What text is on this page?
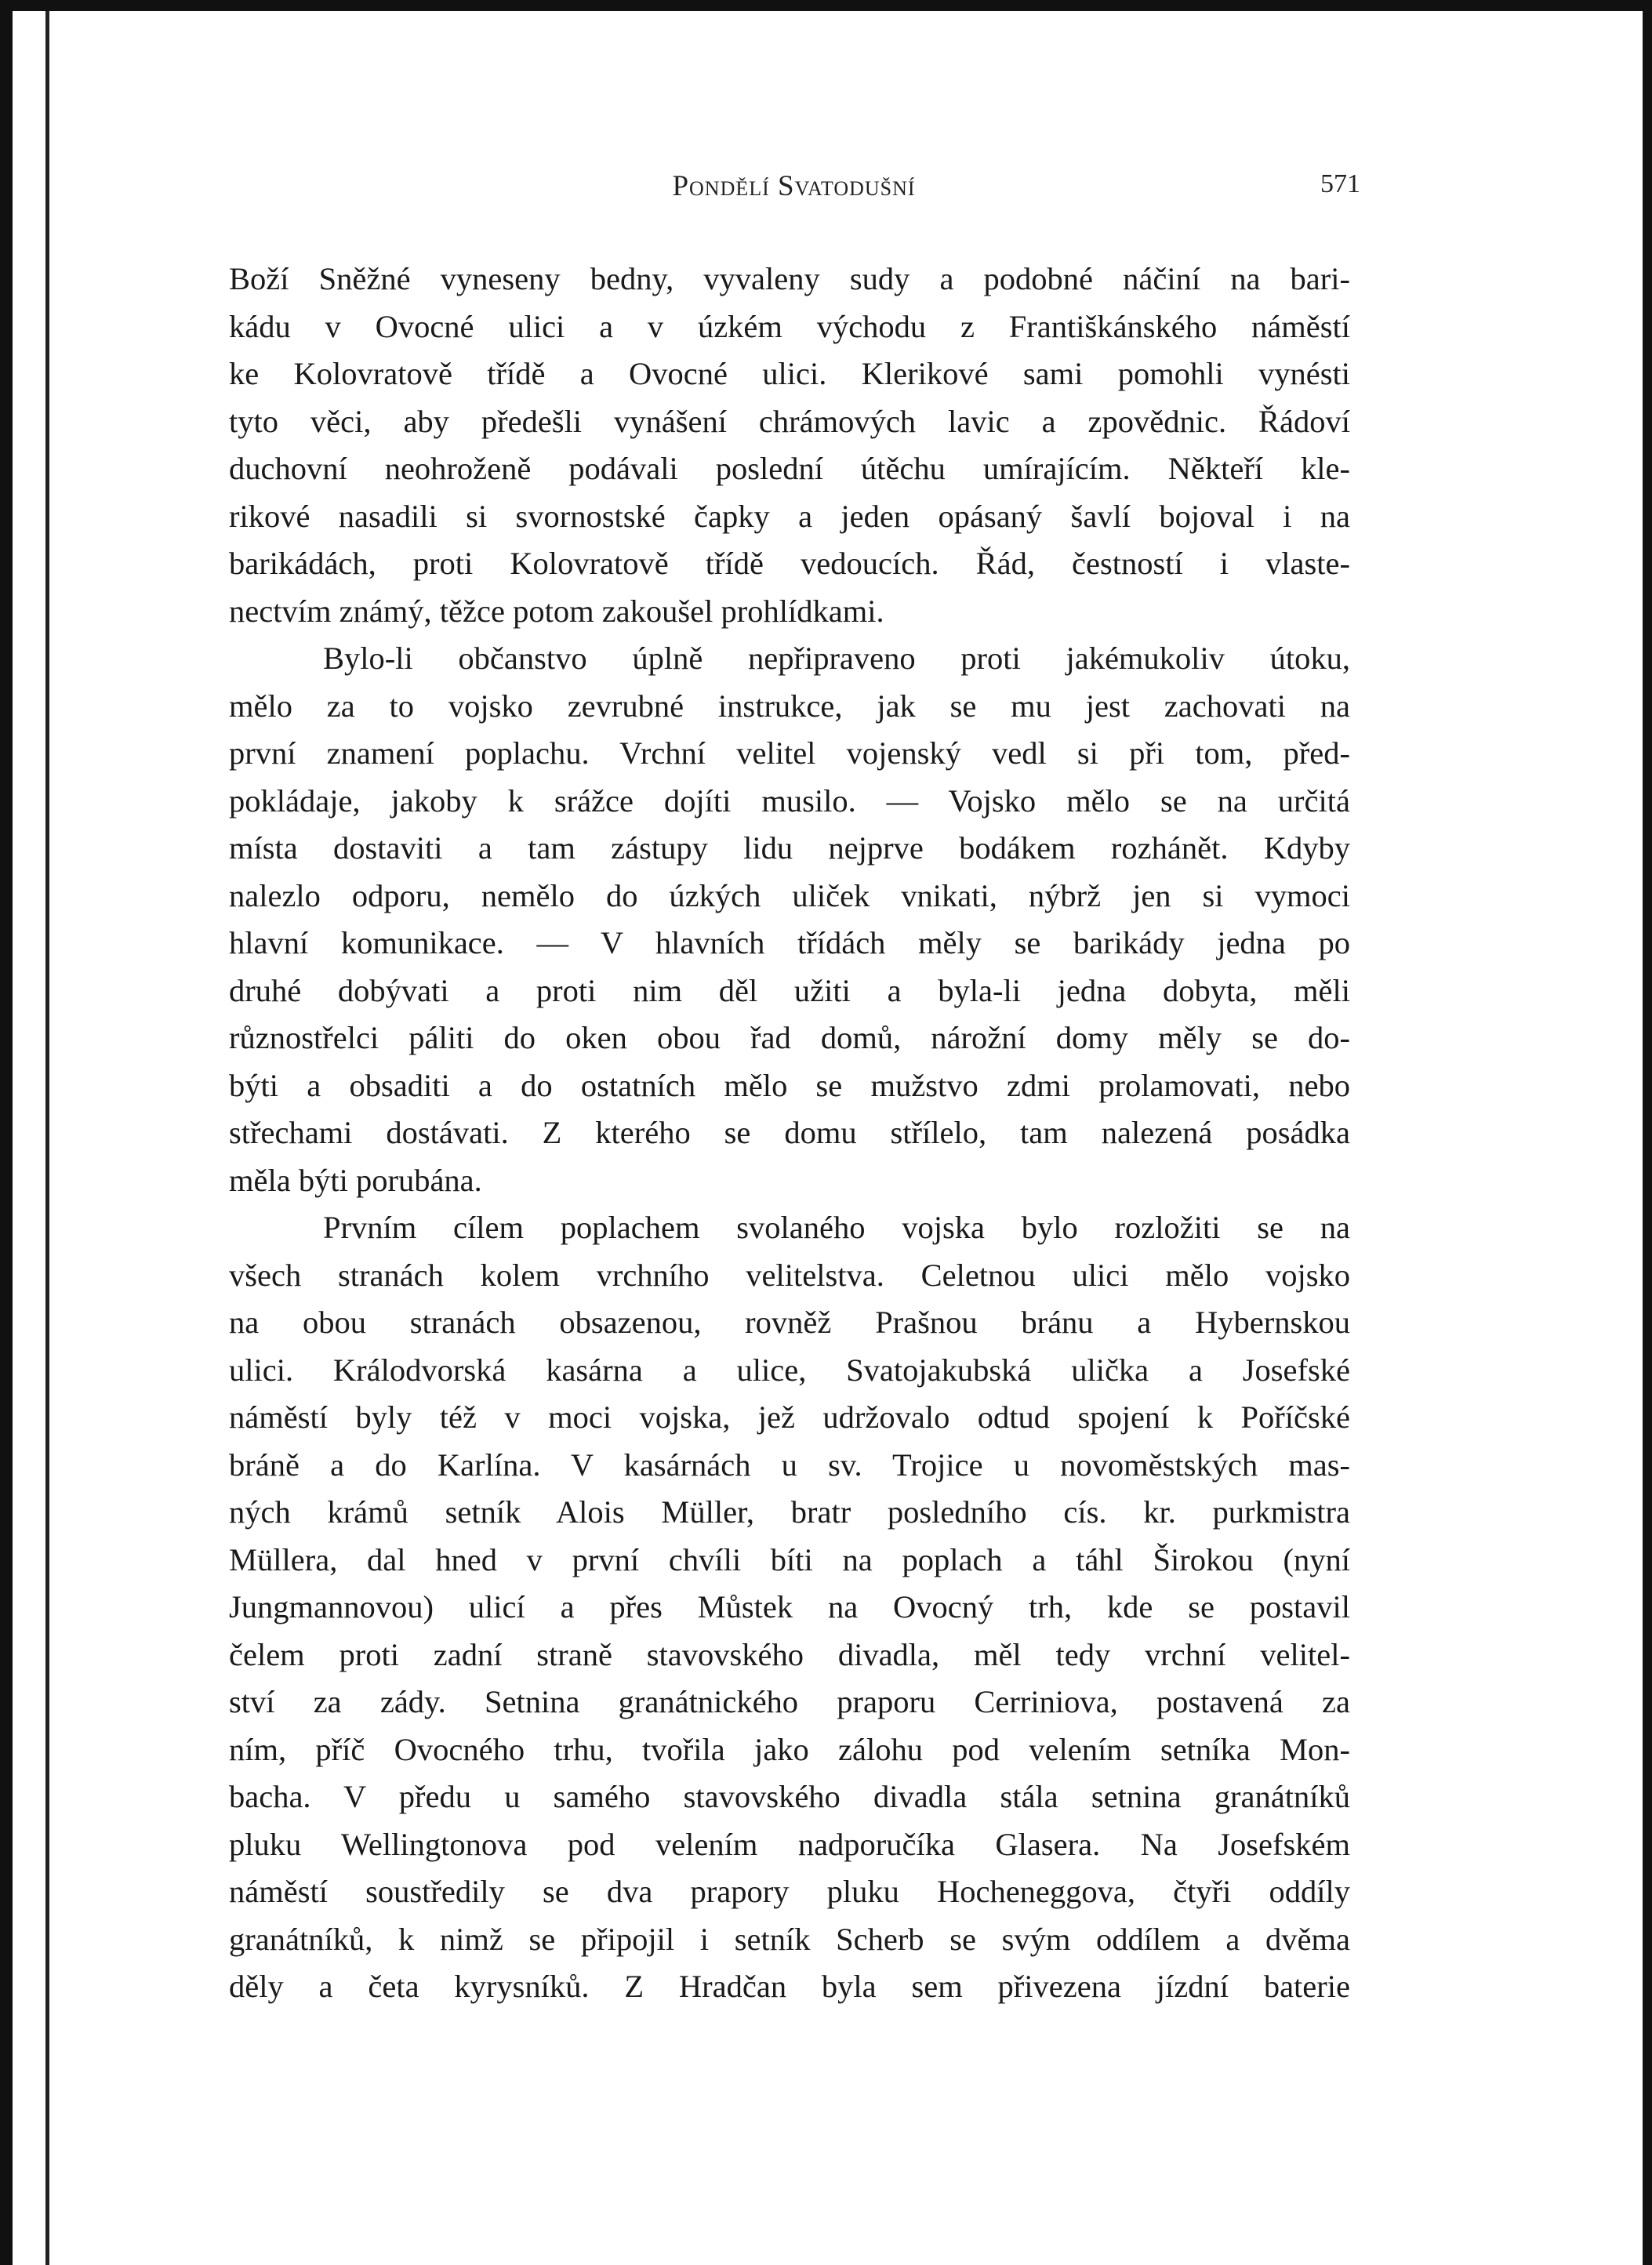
Pondělí Svatodušní	571
Boží Sněžné vyneseny bedny, vyvaleny sudy a podobné náčiní na bari-
kádu v Ovocné ulici a v úzkém východu z Františkánského náměstí
ke Kolovratově třídě a Ovocné ulici. Klerikové sami pomohli vynésti
tyto věci, aby předešli vynášení chrámových lavic a zpovědnic. Řádoví
duchovní neohroženě podávali poslední útěchu umírajícím. Někteří kle-
rikové nasadili si svornostské čapky a jeden opásaný šavlí bojoval i na
barikádách, proti Kolovratově třídě vedoucích. Řád, čestností i vlaste-
nectvím známý, těžce potom zakoušel prohlídkami.
Bylo-li občanstvo úplně nepřipraveno proti jakémukoliv útoku,
mělo za to vojsko zevrubné instrukce, jak se mu jest zachovati na
první znamení poplachu. Vrchní velitel vojenský vedl si při tom, před-
pokládaje, jakoby k srážce dojíti musilo. — Vojsko mělo se na určitá
místa dostaviti a tam zástupy lidu nejprve bodákem rozhánět. Kdyby
nalezlo odporu, nemělo do úzkých uliček vnikati, nýbrž jen si vymoci
hlavní komunikace. — V hlavních třídách měly se barikády jedna po
druhé dobývati a proti nim děl užiti a byla-li jedna dobyta, měli
různostřelci páliti do oken obou řad domů, nárožní domy měly se do-
býti a obsaditi a do ostatních mělo se mužstvo zdmi prolamovati, nebo
střechami dostávati. Z kterého se domu střílelo, tam nalezená posádka
měla býti porubána.
Prvním cílem poplachem svolaného vojska bylo rozložiti se na
všech stranách kolem vrchního velitelstva. Celetnou ulici mělo vojsko
na obou stranách obsazenou, rovněž Prašnou bránu a Hybernskou
ulici. Králodvorská kasárna a ulice, Svatojakubská ulička a Josefské
náměstí byly též v moci vojska, jež udržovalo odtud spojení k Poříčské
bráně a do Karlína. V kasárnách u sv. Trojice u novoměstských mas-
ných krámů setník Alois Müller, bratr posledního cís. kr. purkmistra
Müllera, dal hned v první chvíli bíti na poplach a táhl Širokou (nyní
Jungmannovou) ulicí a přes Můstek na Ovocný trh, kde se postavil
čelem proti zadní straně stavovského divadla, měl tedy vrchní velitel-
ství za zády. Setnina granátnického praporu Cerriniova, postavená za
ním, příč Ovocného trhu, tvořila jako zálohu pod velením setníka Mon-
bacha. V předu u samého stavovského divadla stála setnina granátníků
pluku Wellingtonova pod velením nadporučíka Glasera. Na Josefském
náměstí soustředily se dva prapory pluku Hocheneggova, čtyři oddíly
granátníků, k nimž se připojil i setník Scherb se svým oddílem a dvěma
děly a četa kyrysníků. Z Hradčan byla sem přivezena jízdní baterie
